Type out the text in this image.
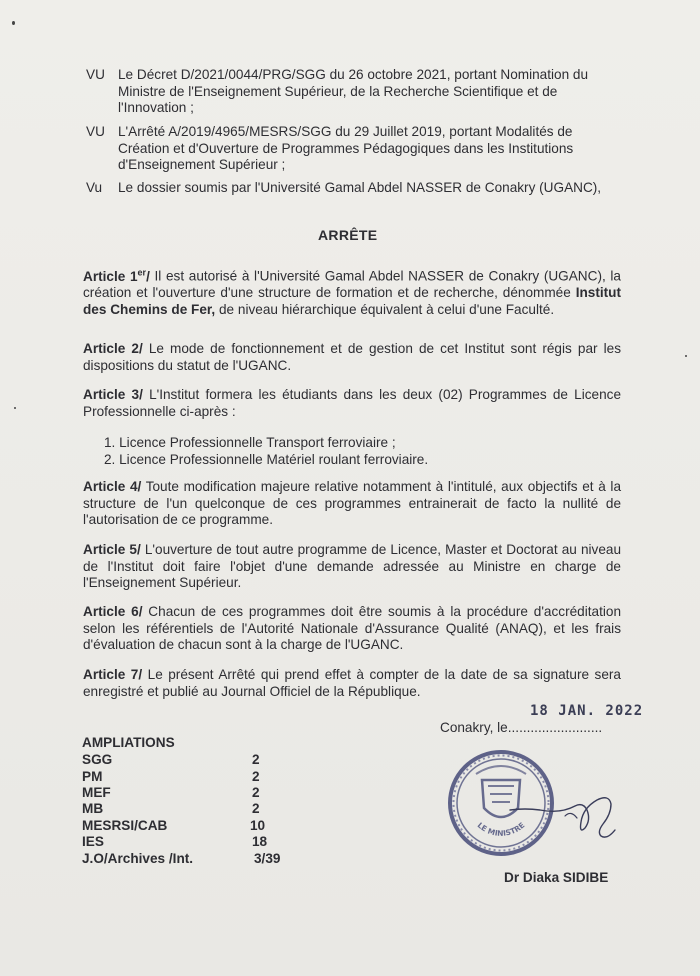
VU Le Décret D/2021/0044/PRG/SGG du 26 octobre 2021, portant Nomination du
Ministre de l'Enseignement Supérieur, de la Recherche Scientifique et de
l'Innovation ;
VU L'Arrêté A/2019/4965/MESRS/SGG du 29 Juillet 2019, portant Modalités de
Création et d'Ouverture de Programmes Pédagogiques dans les Institutions
d'Enseignement Supérieur ;
Vu Le dossier soumis par l'Université Gamal Abdel NASSER de Conakry (UGANC),
ARRÊTE
Article 1er/ Il est autorisé à l'Université Gamal Abdel NASSER de Conakry (UGANC), la création et l'ouverture d'une structure de formation et de recherche, dénommée Institut des Chemins de Fer, de niveau hiérarchique équivalent à celui d'une Faculté.
Article 2/ Le mode de fonctionnement et de gestion de cet Institut sont régis par les dispositions du statut de l'UGANC.
Article 3/ L'Institut formera les étudiants dans les deux (02) Programmes de Licence Professionnelle ci-après :
1. Licence Professionnelle Transport ferroviaire ;
2. Licence Professionnelle Matériel roulant ferroviaire.
Article 4/ Toute modification majeure relative notamment à l'intitulé, aux objectifs et à la structure de l'un quelconque de ces programmes entrainerait de facto la nullité de l'autorisation de ce programme.
Article 5/ L'ouverture de tout autre programme de Licence, Master et Doctorat au niveau de l'Institut doit faire l'objet d'une demande adressée au Ministre en charge de l'Enseignement Supérieur.
Article 6/ Chacun de ces programmes doit être soumis à la procédure d'accréditation selon les référentiels de l'Autorité Nationale d'Assurance Qualité (ANAQ), et les frais d'évaluation de chacun sont à la charge de l'UGANC.
Article 7/ Le présent Arrêté qui prend effet à compter de la date de sa signature sera enregistré et publié au Journal Officiel de la République.
18 JAN. 2022
Conakry, le.........................
AMPLIATIONS
SGG	2
PM	2
MEF	2
MB	2
MESRSI/CAB	10
IES	18
J.O/Archives /Int.	3/39
LE MINISTRE
Dr Diaka SIDIBE
